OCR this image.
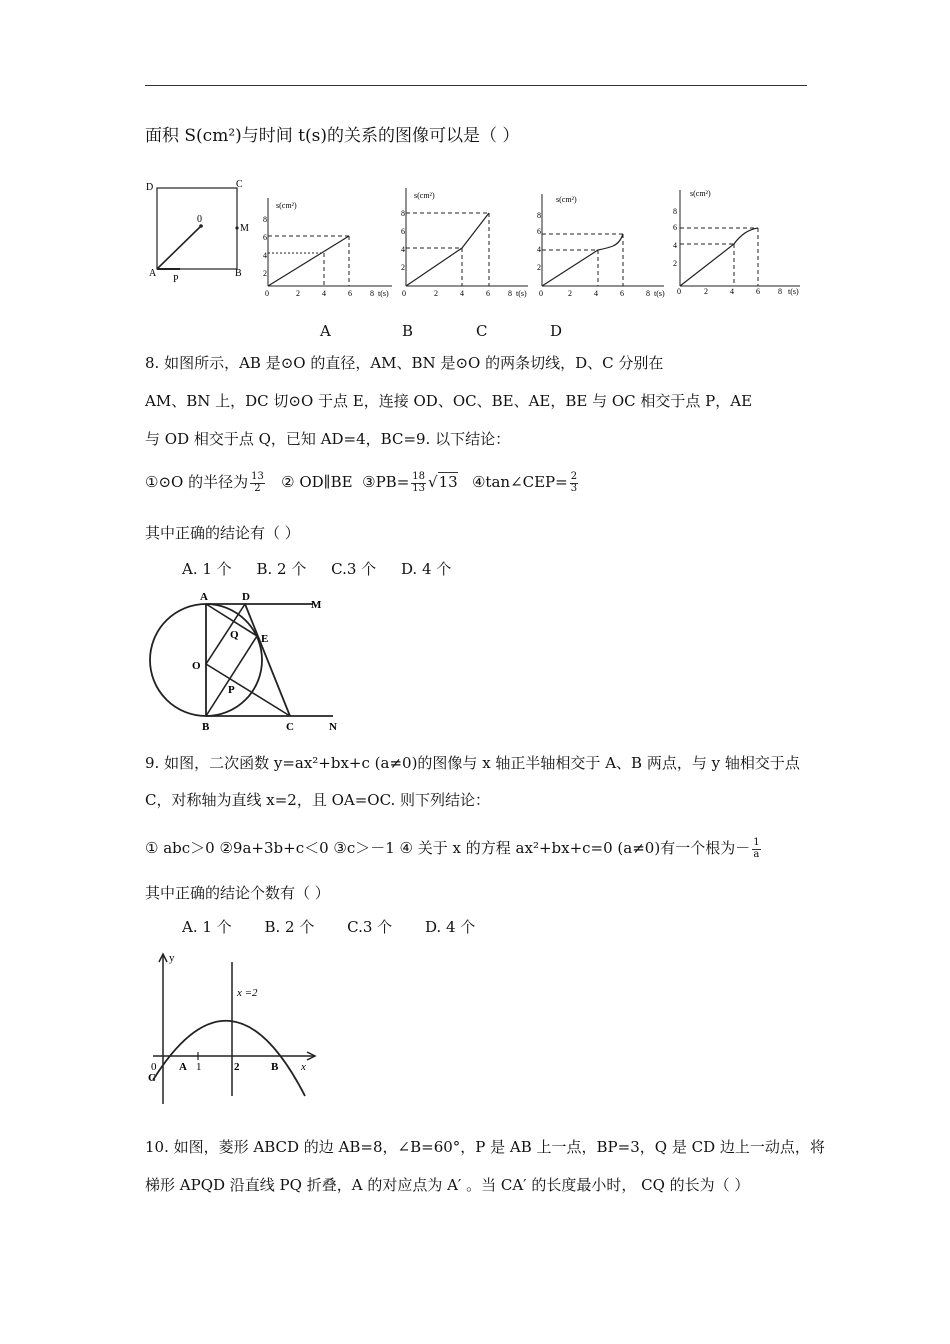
面积 S(cm²)与时间 t(s)的关系的图像可以是（ ）
D	C
M
0
A
P
B	2
4
6
8
0	2	4	6 8 t(s)
s(cm²)
2
4
6
8
0	2	4	6 8 t(s)
s(cm²)
2
4
6
8
0	2	4	6	8 t(s)
s(cm²)
2
4
6
8
0	2	4	6 8 t(s)
s(cm²)
A	B	C	D
8. 如图所示，AB 是⊙O 的直径，AM、BN 是⊙O 的两条切线，D、C 分别在
AM、BN 上，DC 切⊙O 于点 E，连接 OD、OC、BE、AE，BE 与 OC 相交于点 P，AE
与 OD 相交于点 Q，已知 AD=4，BC=9. 以下结论：
①⊙O 的半径为 $\frac{13}{2}$ ② OD∥BE ③PB= $\frac{18}{13} √13$ ④tan∠CEP= $\frac{2}{3}$
其中正确的结论有（ ）
A. 1 个 B. 2 个 C.3 个 D. 4 个
A	D
M
Q E
O
P
B	C	N
9. 如图，二次函数 y=ax²+bx+c (a≠0)的图像与 x 轴正半轴相交于 A、B 两点，与 y 轴相交于点
C，对称轴为直线 x=2，且 OA=OC. 则下列结论：
① abc＞0 ②9a+3b+c＜0 ③c＞－1 ④ 关于 x 的方程 ax²+bx+c=0 (a≠0)有一个根为－ $\frac{1}{a}$
其中正确的结论个数有（ ）
A. 1 个 B. 2 个 C.3 个 D. 4 个
y
x =2
0 A 1	2	B x
C
10. 如图，菱形 ABCD 的边 AB=8，∠B=60°，P 是 AB 上一点，BP=3，Q 是 CD 边上一动点，将
梯形 APQD 沿直线 PQ 折叠，A 的对应点为 A′ 。当 CA′ 的长度最小时， CQ 的长为（ ）
